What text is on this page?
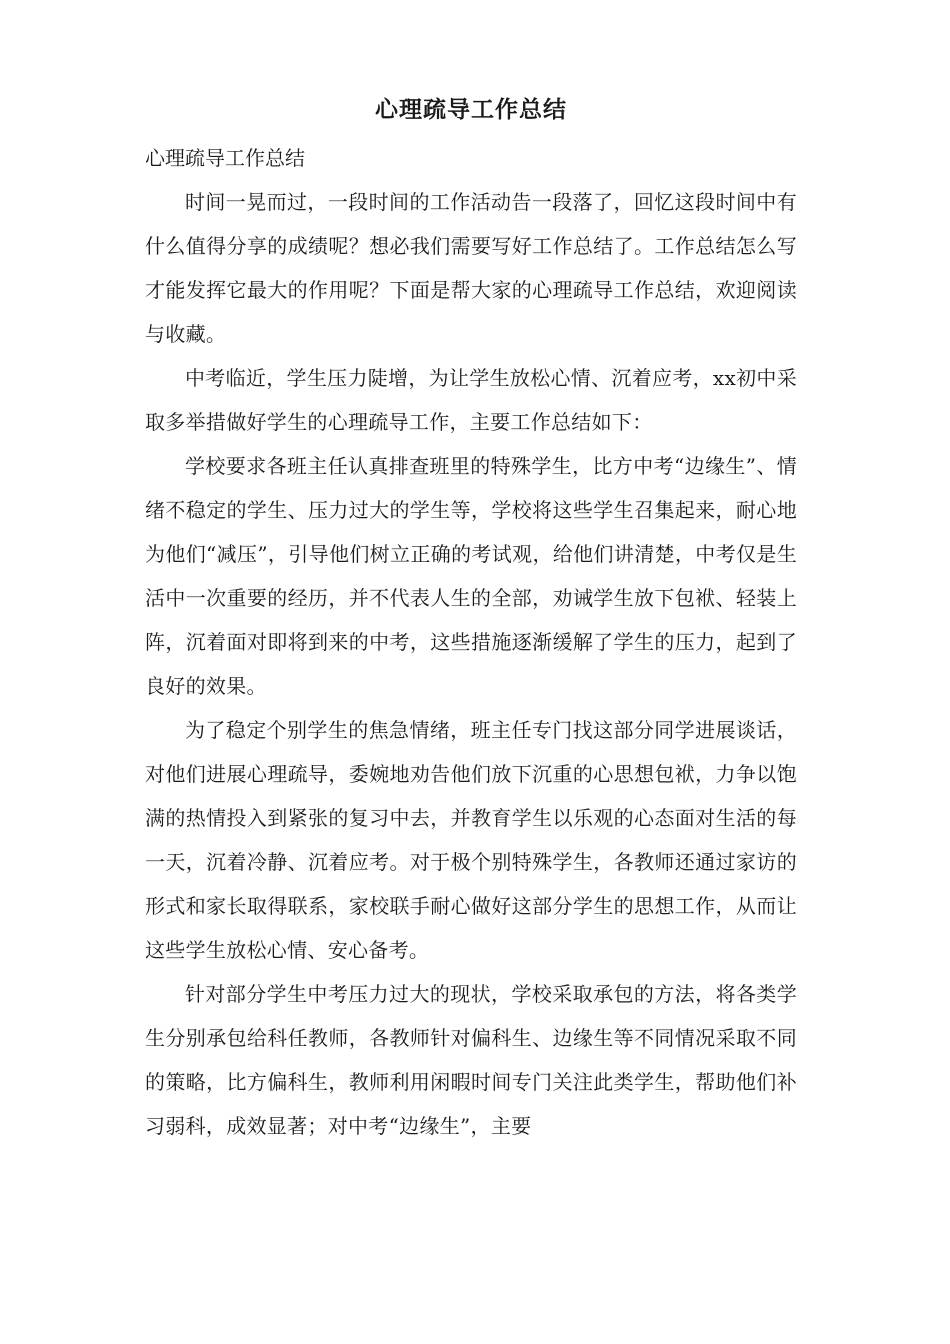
心理疏导工作总结

心理疏导工作总结

时间一晃而过，一段时间的工作活动告一段落了，回忆这段时间中有什么值得分享的成绩呢？想必我们需要写好工作总结了。工作总结怎么写才能发挥它最大的作用呢？下面是帮大家的心理疏导工作总结，欢迎阅读与收藏。

中考临近，学生压力陡增，为让学生放松心情、沉着应考，xx初中采取多举措做好学生的心理疏导工作，主要工作总结如下：

学校要求各班主任认真排查班里的特殊学生，比方中考“边缘生”、情绪不稳定的学生、压力过大的学生等，学校将这些学生召集起来，耐心地为他们“减压”，引导他们树立正确的考试观，给他们讲清楚，中考仅是生活中一次重要的经历，并不代表人生的全部，劝诫学生放下包袱、轻装上阵，沉着面对即将到来的中考，这些措施逐渐缓解了学生的压力，起到了良好的效果。

为了稳定个别学生的焦急情绪，班主任专门找这部分同学进展谈话，对他们进展心理疏导，委婉地劝告他们放下沉重的心思想包袱，力争以饱满的热情投入到紧张的复习中去，并教育学生以乐观的心态面对生活的每一天，沉着冷静、沉着应考。对于极个别特殊学生，各教师还通过家访的形式和家长取得联系，家校联手耐心做好这部分学生的思想工作，从而让这些学生放松心情、安心备考。

针对部分学生中考压力过大的现状，学校采取承包的方法，将各类学生分别承包给科任教师，各教师针对偏科生、边缘生等不同情况采取不同的策略，比方偏科生，教师利用闲暇时间专门关注此类学生，帮助他们补习弱科，成效显著；对中考“边缘生”，主要
